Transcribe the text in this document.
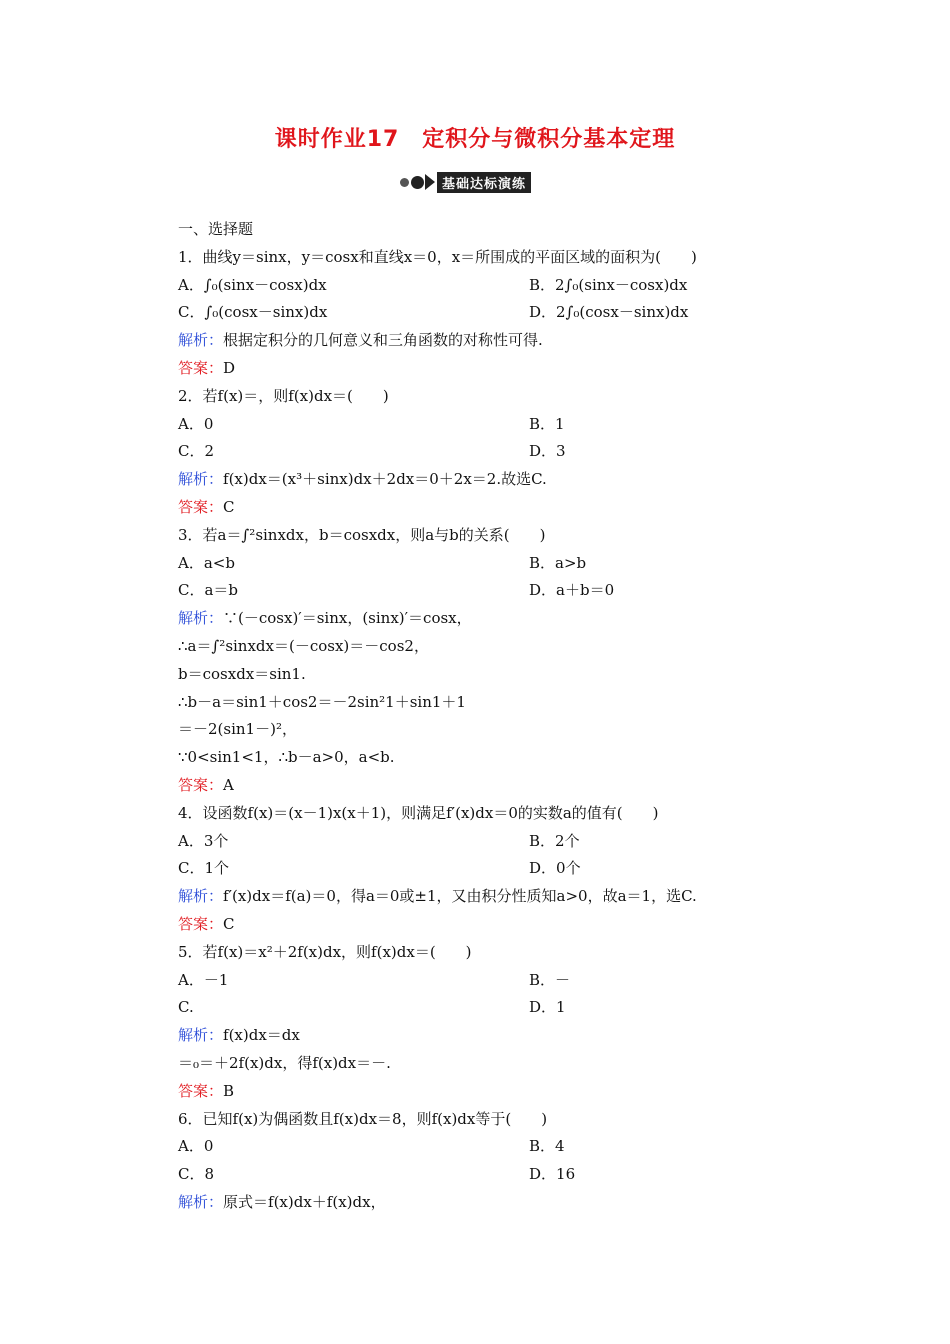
课时作业17　定积分与微积分基本定理
基础达标演练
一、选择题
1．曲线y＝sinx，y＝cosx和直线x＝0，x＝所围成的平面区域的面积为(　　)
A．∫₀(sinx－cosx)dx	B．2∫₀(sinx－cosx)dx
C．∫₀(cosx－sinx)dx	D．2∫₀(cosx－sinx)dx
解析：根据定积分的几何意义和三角函数的对称性可得.
答案：D
2．若f(x)＝，则f(x)dx＝(　　)
A．0	B．1
C．2	D．3
解析：f(x)dx＝(x³＋sinx)dx＋2dx＝0＋2x＝2.故选C.
答案：C
3．若a＝∫²sinxdx，b＝cosxdx，则a与b的关系(　　)
A．a<b	B．a>b
C．a＝b	D．a＋b＝0
解析：∵(－cosx)′＝sinx，(sinx)′＝cosx，
∴a＝∫²sinxdx＝(－cosx)＝－cos2，
b＝cosxdx＝sin1.
∴b－a＝sin1＋cos2＝－2sin²1＋sin1＋1
＝－2(sin1－)²，
∵0<sin1<1，∴b－a>0，a<b.
答案：A
4．设函数f(x)＝(x－1)x(x＋1)，则满足f′(x)dx＝0的实数a的值有(　　)
A．3个	B．2个
C．1个	D．0个
解析：f′(x)dx＝f(a)＝0，得a＝0或±1，又由积分性质知a>0，故a＝1，选C.
答案：C
5．若f(x)＝x²＋2f(x)dx，则f(x)dx＝(　　)
A．－1	B．－
C.	D．1
解析：f(x)dx＝dx
＝₀＝＋2f(x)dx，得f(x)dx＝－.
答案：B
6．已知f(x)为偶函数且f(x)dx＝8，则f(x)dx等于(　　)
A．0	B．4
C．8	D．16
解析：原式＝f(x)dx＋f(x)dx，
